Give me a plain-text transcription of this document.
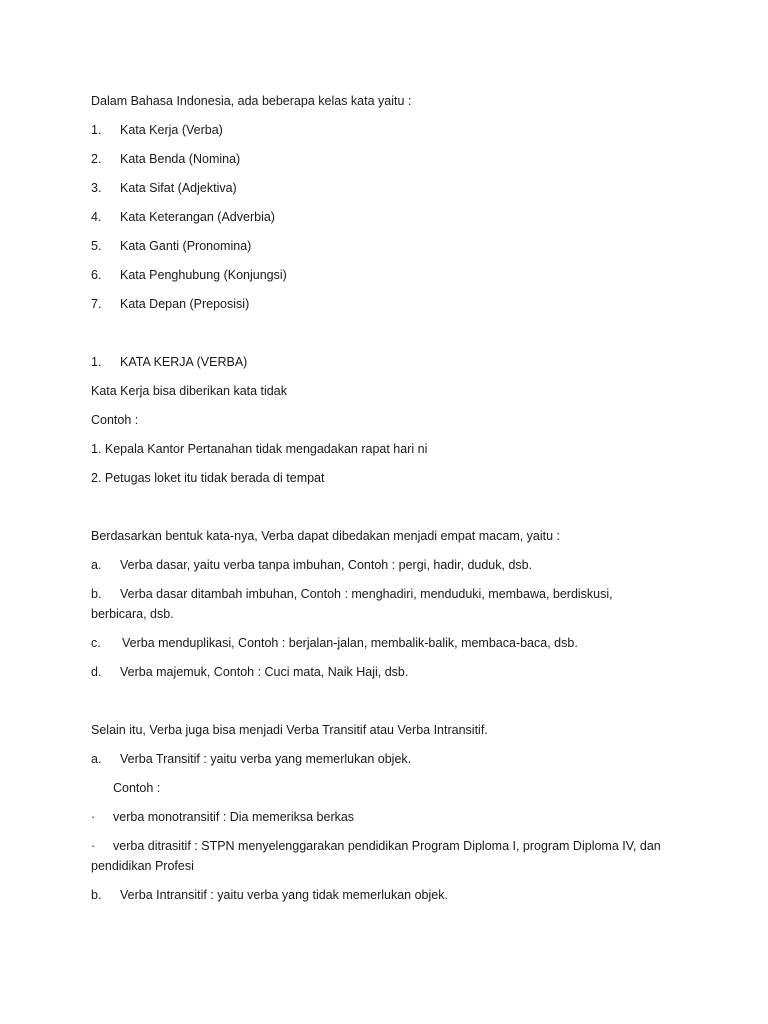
Dalam Bahasa Indonesia, ada beberapa kelas kata yaitu :
1. Kata Kerja (Verba)
2. Kata Benda (Nomina)
3. Kata Sifat (Adjektiva)
4. Kata Keterangan (Adverbia)
5. Kata Ganti (Pronomina)
6. Kata Penghubung (Konjungsi)
7. Kata Depan (Preposisi)
1. KATA KERJA (VERBA)
Kata Kerja bisa diberikan kata tidak
Contoh :
1. Kepala Kantor Pertanahan tidak mengadakan rapat hari ni
2. Petugas loket itu tidak berada di tempat
Berdasarkan bentuk kata-nya, Verba dapat dibedakan menjadi empat macam, yaitu :
a. Verba dasar, yaitu verba tanpa imbuhan, Contoh : pergi, hadir, duduk, dsb.
b. Verba dasar ditambah imbuhan, Contoh : menghadiri, menduduki, membawa, berdiskusi,
berbicara, dsb.
c. Verba menduplikasi, Contoh : berjalan-jalan, membalik-balik, membaca-baca, dsb.
d. Verba majemuk, Contoh : Cuci mata, Naik Haji, dsb.
Selain itu, Verba juga bisa menjadi Verba Transitif atau Verba Intransitif.
a. Verba Transitif : yaitu verba yang memerlukan objek.
Contoh :
· verba monotransitif : Dia memeriksa berkas
· verba ditrasitif : STPN menyelenggarakan pendidikan Program Diploma I, program Diploma IV, dan
pendidikan Profesi
b. Verba Intransitif : yaitu verba yang tidak memerlukan objek.
